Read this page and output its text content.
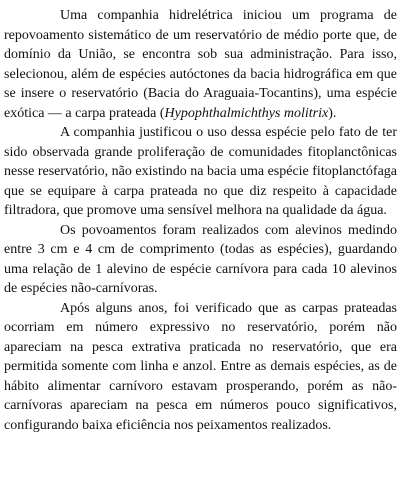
Uma companhia hidrelétrica iniciou um programa de repovoamento sistemático de um reservatório de médio porte que, de domínio da União, se encontra sob sua administração. Para isso, selecionou, além de espécies autóctones da bacia hidrográfica em que se insere o reservatório (Bacia do Araguaia-Tocantins), uma espécie exótica — a carpa prateada (Hypophthalmichthys molitrix).

A companhia justificou o uso dessa espécie pelo fato de ter sido observada grande proliferação de comunidades fitoplanctônicas nesse reservatório, não existindo na bacia uma espécie fitoplanctófaga que se equipare à carpa prateada no que diz respeito à capacidade filtradora, que promove uma sensível melhora na qualidade da água.

Os povoamentos foram realizados com alevinos medindo entre 3 cm e 4 cm de comprimento (todas as espécies), guardando uma relação de 1 alevino de espécie carnívora para cada 10 alevinos de espécies não-carnívoras.

Após alguns anos, foi verificado que as carpas prateadas ocorriam em número expressivo no reservatório, porém não apareciam na pesca extrativa praticada no reservatório, que era permitida somente com linha e anzol. Entre as demais espécies, as de hábito alimentar carnívoro estavam prosperando, porém as não-carnívoras apareciam na pesca em números pouco significativos, configurando baixa eficiência nos peixamentos realizados.
